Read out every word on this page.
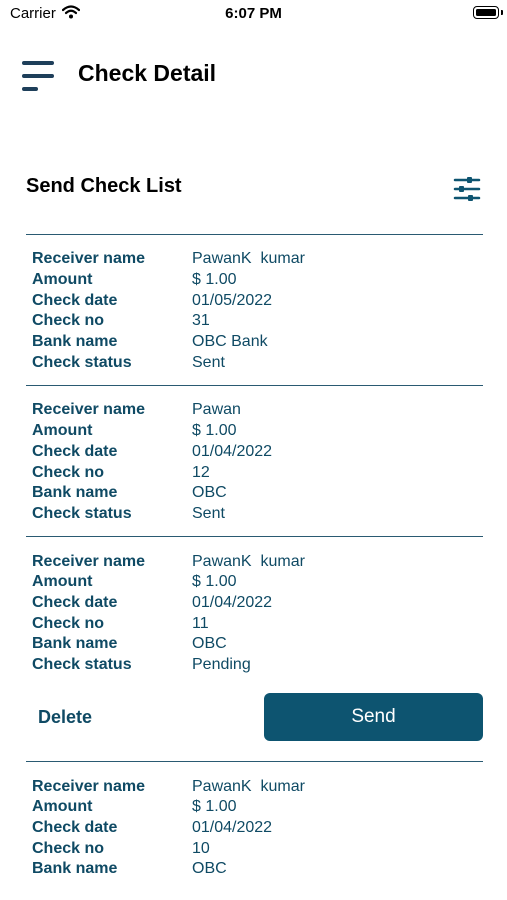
Carrier	6:07 PM
Check Detail
Send Check List
Receiver name	PawanK  kumar
Amount	$ 1.00
Check date	01/05/2022
Check no	31
Bank name	OBC Bank
Check status	Sent
Receiver name	Pawan
Amount	$ 1.00
Check date	01/04/2022
Check no	12
Bank name	OBC
Check status	Sent
Receiver name	PawanK  kumar
Amount	$ 1.00
Check date	01/04/2022
Check no	11
Bank name	OBC
Check status	Pending
Delete	Send
Receiver name	PawanK  kumar
Amount	$ 1.00
Check date	01/04/2022
Check no	10
Bank name	OBC
